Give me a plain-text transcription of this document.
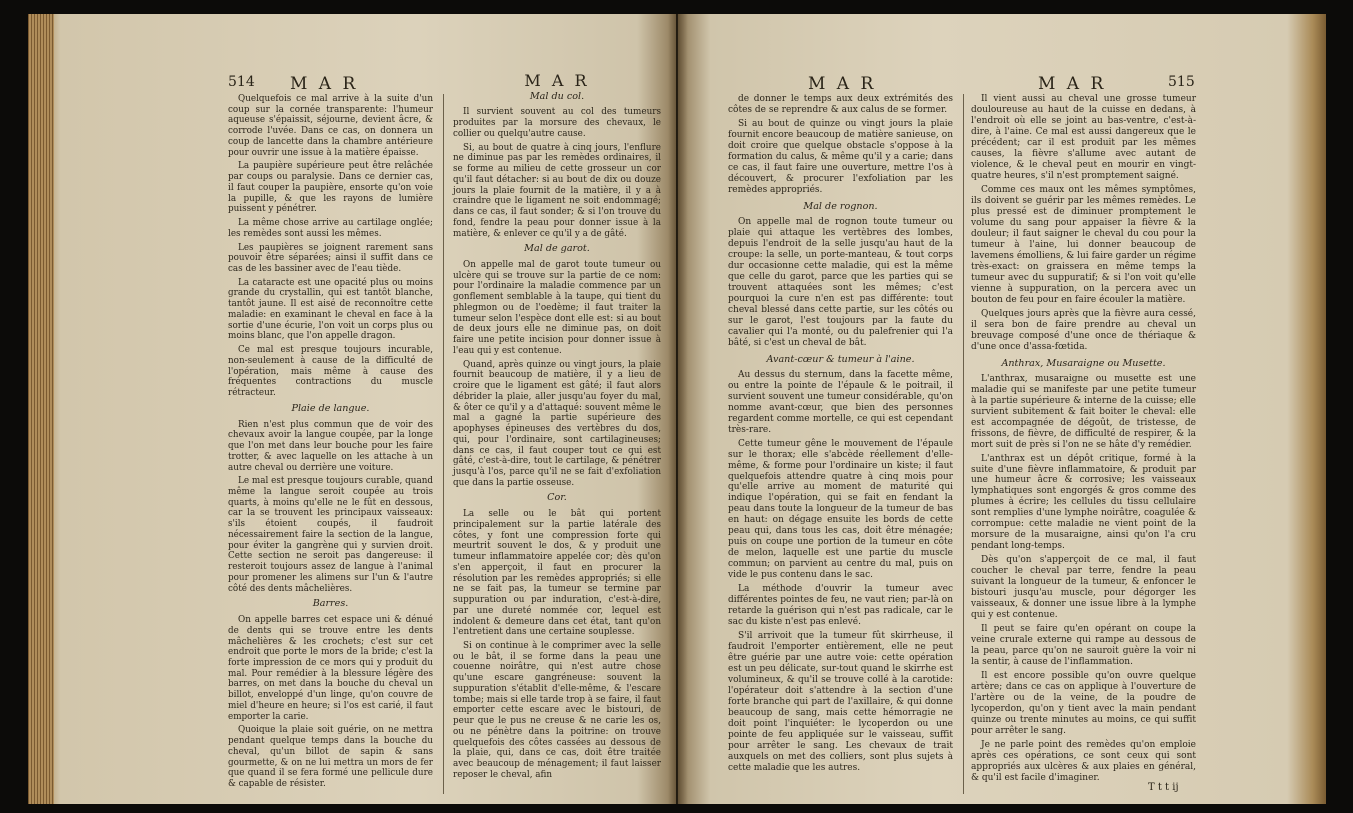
514 M A R

Quelquefois ce mal arrive à la suite d'un coup sur la cornée transparente: l'humeur aqueuse s'épaissit, séjourne, devient âcre, & corrode l'uvée. Dans ce cas, on donnera un coup de lancette dans la chambre antérieure pour ouvrir une issue à la matière épaisse.

La paupière supérieure peut être relâchée par coups ou paralysie. Dans ce dernier cas, il faut couper la paupière, ensorte qu'on voie la pupille, & que les rayons de lumière puissent y pénétrer.

La même chose arrive au cartilage onglée; les remèdes sont aussi les mêmes.

Les paupières se joignent rarement sans pouvoir être séparées; ainsi il suffit dans ce cas de les bassiner avec de l'eau tiède.

La cataracte est une opacité plus ou moins grande du crystallin, qui est tantôt blanche, tantôt jaune. Il est aisé de reconnoître cette maladie: en examinant le cheval en face à la sortie d'une écurie, l'on voit un corps plus ou moins blanc, que l'on appelle dragon.

Ce mal est presque toujours incurable, non-seulement à cause de la difficulté de l'opération, mais même à cause des fréquentes contractions du muscle rétracteur.

Plaie de langue.

Rien n'est plus commun que de voir des chevaux avoir la langue coupée, par la longe que l'on met dans leur bouche pour les faire trotter, & avec laquelle on les attache à un autre cheval ou derrière une voiture.

Le mal est presque toujours curable, quand même la langue seroit coupée au trois quarts, à moins qu'elle ne le fût en dessous, car la se trouvent les principaux vaisseaux: s'ils étoient coupés, il faudroit nécessairement faire la section de la langue, pour éviter la gangrène qui y survien droit. Cette section ne seroit pas dangereuse: il resteroit toujours assez de langue à l'animal pour promener les alimens sur l'un & l'autre côté des dents mâchelières.

Barres.

On appelle barres cet espace uni & dénué de dents qui se trouve entre les dents mâchelières & les crochets; c'est sur cet endroit que porte le mors de la bride; c'est la forte impression de ce mors qui y produit du mal. Pour remédier à la blessure légère des barres, on met dans la bouche du cheval un billot, enveloppé d'un linge, qu'on couvre de miel d'heure en heure; si l'os est carié, il faut emporter la carie.

Quoique la plaie soit guérie, on ne mettra pendant quelque temps dans la bouche du cheval, qu'un billot de sapin & sans gourmette, & on ne lui mettra un mors de fer que quand il se fera formé une pellicule dure & capable de résister.

M A R
Mal du col.

Il survient souvent au col des tumeurs produites par la morsure des chevaux, le collier ou quelqu'autre cause.

Si, au bout de quatre à cinq jours, l'enflure ne diminue pas par les remèdes ordinaires, il se forme au milieu de cette grosseur un cor qu'il faut détacher: si au bout de dix ou douze jours la plaie fournit de la matière, il y a à craindre que le ligament ne soit endommagé; dans ce cas, il faut sonder; & si l'on trouve du fond, fendre la peau pour donner issue à la matière, & enlever ce qu'il y a de gâté.

Mal de garot.

On appelle mal de garot toute tumeur ou ulcère qui se trouve sur la partie de ce nom: pour l'ordinaire la maladie commence par un gonflement semblable à la taupe, qui tient du phlegmon ou de l'oedème; il faut traiter la tumeur selon l'espèce dont elle est: si au bout de deux jours elle ne diminue pas, on doit faire une petite incision pour donner issue à l'eau qui y est contenue.

Quand, après quinze ou vingt jours, la plaie fournit beaucoup de matière, il y a lieu de croire que le ligament est gâté; il faut alors débrider la plaie, aller jusqu'au foyer du mal, & ôter ce qu'il y a d'attaqué: souvent même le mal a gagné la partie supérieure des apophyses épineuses des vertèbres du dos, qui, pour l'ordinaire, sont cartilagineuses; dans ce cas, il faut couper tout ce qui est gâté, c'est-à-dire, tout le cartilage, & pénétrer jusqu'à l'os, parce qu'il ne se fait d'exfoliation que dans la partie osseuse.

Cor.

La selle ou le bât qui portent principalement sur la partie latérale des côtes, y font une compression forte qui meurtrit souvent le dos, & y produit une tumeur inflammatoire appelée cor; dès qu'on s'en apperçoit, il faut en procurer la résolution par les remèdes appropriés; si elle ne se fait pas, la tumeur se termine par suppuration ou par induration, c'est-à-dire, par une dureté nommée cor, lequel est indolent & demeure dans cet état, tant qu'on l'entretient dans une certaine souplesse.

Si on continue à le comprimer avec la selle ou le bât, il se forme dans la peau une couenne noirâtre, qui n'est autre chose qu'une escare gangréneuse: souvent la suppuration s'établit d'elle-même, & l'escare tombe; mais si elle tarde trop à se faire, il faut emporter cette escare avec le bistouri, de peur que le pus ne creuse & ne carie les os, ou ne pénètre dans la poitrine: on trouve quelquefois des côtes cassées au dessous de la plaie, qui, dans ce cas, doit être traitée avec beaucoup de ménagement; il faut laisser reposer le cheval, afin

M A R	M A R	515

de donner le temps aux deux extrémités des côtes de se reprendre & aux calus de se former.

Si au bout de quinze ou vingt jours la plaie fournit encore beaucoup de matière sanieuse, on doit croire que quelque obstacle s'oppose à la formation du calus, & même qu'il y a carie; dans ce cas, il faut faire une ouverture, mettre l'os à découvert, & procurer l'exfoliation par les remèdes appropriés.

Mal de rognon.

On appelle mal de rognon toute tumeur ou plaie qui attaque les vertèbres des lombes, depuis l'endroit de la selle jusqu'au haut de la croupe: la selle, un porte-manteau, & tout corps dur occasionne cette maladie, qui est la même que celle du garot, parce que les parties qui se trouvent attaquées sont les mêmes; c'est pourquoi la cure n'en est pas différente: tout cheval blessé dans cette partie, sur les côtés ou sur le garot, l'est toujours par la faute du cavalier qui l'a monté, ou du palefrenier qui l'a bâté, si c'est un cheval de bât.

Avant-cœur & tumeur à l'aine.

Au dessus du sternum, dans la facette même, ou entre la pointe de l'épaule & le poitrail, il survient souvent une tumeur considérable, qu'on nomme avant-cœur, que bien des personnes regardent comme mortelle, ce qui est cependant très-rare.

Cette tumeur gêne le mouvement de l'épaule sur le thorax; elle s'abcède réellement d'elle-même, & forme pour l'ordinaire un kiste; il faut quelquefois attendre quatre à cinq mois pour qu'elle arrive au moment de maturité qui indique l'opération, qui se fait en fendant la peau dans toute la longueur de la tumeur de bas en haut: on dégage ensuite les bords de cette peau qui, dans tous les cas, doit être ménagée; puis on coupe une portion de la tumeur en côte de melon, laquelle est une partie du muscle commun; on parvient au centre du mal, puis on vide le pus contenu dans le sac.

La méthode d'ouvrir la tumeur avec différentes pointes de feu, ne vaut rien; par-là on retarde la guérison qui n'est pas radicale, car le sac du kiste n'est pas enlevé.

S'il arrivoit que la tumeur fût skirrheuse, il faudroit l'emporter entièrement, elle ne peut être guérie par une autre voie: cette opération est un peu délicate, sur-tout quand le skirrhe est volumineux, & qu'il se trouve collé à la carotide: l'opérateur doit s'attendre à la section d'une forte branche qui part de l'axillaire, & qui donne beaucoup de sang, mais cette hémorragie ne doit point l'inquiéter: le lycoperdon ou une pointe de feu appliquée sur le vaisseau, suffit pour arrêter le sang. Les chevaux de trait auxquels on met des colliers, sont plus sujets à cette maladie que les autres.

Il vient aussi au cheval une grosse tumeur douloureuse au haut de la cuisse en dedans, à l'endroit où elle se joint au bas-ventre, c'est-à-dire, à l'aine. Ce mal est aussi dangereux que le précédent; car il est produit par les mêmes causes, la fièvre s'allume avec autant de violence, & le cheval peut en mourir en vingt-quatre heures, s'il n'est promptement saigné.

Comme ces maux ont les mêmes symptômes, ils doivent se guérir par les mêmes remèdes. Le plus pressé est de diminuer promptement le volume du sang pour appaiser la fièvre & la douleur; il faut saigner le cheval du cou pour la tumeur à l'aine, lui donner beaucoup de lavemens émolliens, & lui faire garder un régime très-exact: on graissera en même temps la tumeur avec du suppuratif; & si l'on voit qu'elle vienne à suppuration, on la percera avec un bouton de feu pour en faire écouler la matière.

Quelques jours après que la fièvre aura cessé, il sera bon de faire prendre au cheval un breuvage composé d'une once de thériaque & d'une once d'assa-fœtida.

Anthrax, Musaraigne ou Musette.

L'anthrax, musaraigne ou musette est une maladie qui se manifeste par une petite tumeur à la partie supérieure & interne de la cuisse; elle survient subitement & fait boiter le cheval: elle est accompagnée de dégoût, de tristesse, de frissons, de fièvre, de difficulté de respirer, & la mort suit de près si l'on ne se hâte d'y remédier.

L'anthrax est un dépôt critique, formé à la suite d'une fièvre inflammatoire, & produit par une humeur âcre & corrosive; les vaisseaux lymphatiques sont engorgés & gros comme des plumes à écrire; les cellules du tissu cellulaire sont remplies d'une lymphe noirâtre, coagulée & corrompue: cette maladie ne vient point de la morsure de la musaraigne, ainsi qu'on l'a cru pendant long-temps.

Dès qu'on s'apperçoit de ce mal, il faut coucher le cheval par terre, fendre la peau suivant la longueur de la tumeur, & enfoncer le bistouri jusqu'au muscle, pour dégorger les vaisseaux, & donner une issue libre à la lymphe qui y est contenue.

Il peut se faire qu'en opérant on coupe la veine crurale externe qui rampe au dessous de la peau, parce qu'on ne sauroit guère la voir ni la sentir, à cause de l'inflammation.

Il est encore possible qu'on ouvre quelque artère; dans ce cas on applique à l'ouverture de l'artère ou de la veine, de la poudre de lycoperdon, qu'on y tient avec la main pendant quinze ou trente minutes au moins, ce qui suffit pour arrêter le sang.

Je ne parle point des remèdes qu'on emploie après ces opérations, ce sont ceux qui sont appropriés aux ulcères & aux plaies en général, & qu'il est facile d'imaginer.

T t t ij
